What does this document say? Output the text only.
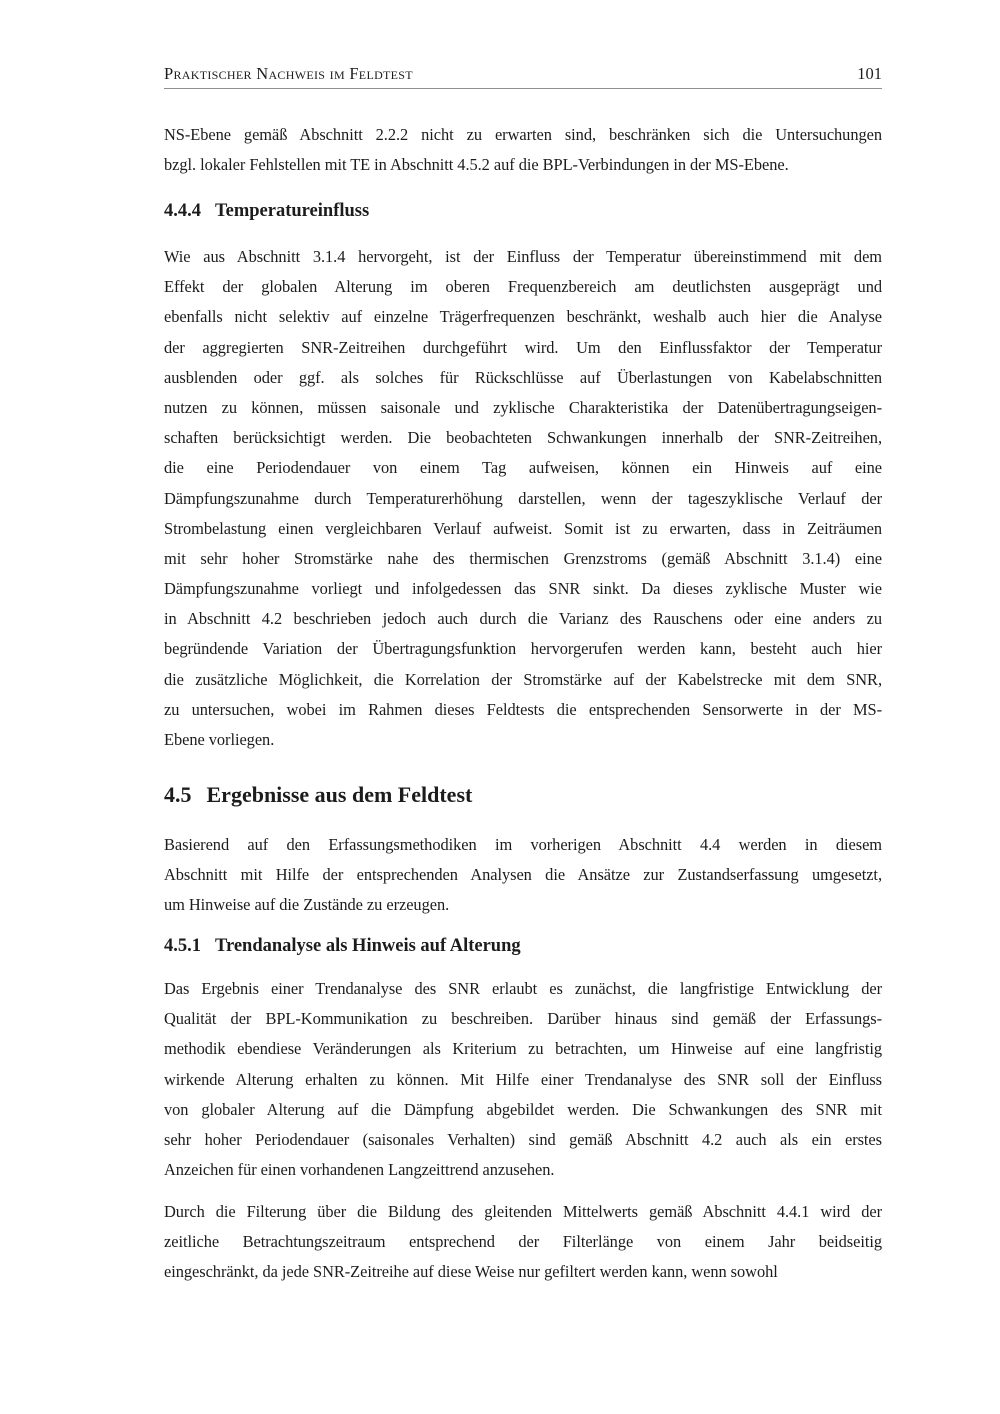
Praktischer Nachweis im Feldtest	101
NS-Ebene gemäß Abschnitt 2.2.2 nicht zu erwarten sind, beschränken sich die Untersuchungen
bzgl. lokaler Fehlstellen mit TE in Abschnitt 4.5.2 auf die BPL-Verbindungen in der MS-Ebene.
4.4.4 Temperatureinfluss
Wie aus Abschnitt 3.1.4 hervorgeht, ist der Einfluss der Temperatur übereinstimmend mit dem
Effekt der globalen Alterung im oberen Frequenzbereich am deutlichsten ausgeprägt und
ebenfalls nicht selektiv auf einzelne Trägerfrequenzen beschränkt, weshalb auch hier die Analyse
der aggregierten SNR-Zeitreihen durchgeführt wird. Um den Einflussfaktor der Temperatur
ausblenden oder ggf. als solches für Rückschlüsse auf Überlastungen von Kabelabschnitten
nutzen zu können, müssen saisonale und zyklische Charakteristika der Datenübertragungseigen-
schaften berücksichtigt werden. Die beobachteten Schwankungen innerhalb der SNR-Zeitreihen,
die eine Periodendauer von einem Tag aufweisen, können ein Hinweis auf eine
Dämpfungszunahme durch Temperaturerhöhung darstellen, wenn der tageszyklische Verlauf der
Strombelastung einen vergleichbaren Verlauf aufweist. Somit ist zu erwarten, dass in Zeiträumen
mit sehr hoher Stromstärke nahe des thermischen Grenzstroms (gemäß Abschnitt 3.1.4) eine
Dämpfungszunahme vorliegt und infolgedessen das SNR sinkt. Da dieses zyklische Muster wie
in Abschnitt 4.2 beschrieben jedoch auch durch die Varianz des Rauschens oder eine anders zu
begründende Variation der Übertragungsfunktion hervorgerufen werden kann, besteht auch hier
die zusätzliche Möglichkeit, die Korrelation der Stromstärke auf der Kabelstrecke mit dem SNR,
zu untersuchen, wobei im Rahmen dieses Feldtests die entsprechenden Sensorwerte in der MS-
Ebene vorliegen.
4.5 Ergebnisse aus dem Feldtest
Basierend auf den Erfassungsmethodiken im vorherigen Abschnitt 4.4 werden in diesem
Abschnitt mit Hilfe der entsprechenden Analysen die Ansätze zur Zustandserfassung umgesetzt,
um Hinweise auf die Zustände zu erzeugen.
4.5.1 Trendanalyse als Hinweis auf Alterung
Das Ergebnis einer Trendanalyse des SNR erlaubt es zunächst, die langfristige Entwicklung der
Qualität der BPL-Kommunikation zu beschreiben. Darüber hinaus sind gemäß der Erfassungs-
methodik ebendiese Veränderungen als Kriterium zu betrachten, um Hinweise auf eine langfristig
wirkende Alterung erhalten zu können. Mit Hilfe einer Trendanalyse des SNR soll der Einfluss
von globaler Alterung auf die Dämpfung abgebildet werden. Die Schwankungen des SNR mit
sehr hoher Periodendauer (saisonales Verhalten) sind gemäß Abschnitt 4.2 auch als ein erstes
Anzeichen für einen vorhandenen Langzeittrend anzusehen.
Durch die Filterung über die Bildung des gleitenden Mittelwerts gemäß Abschnitt 4.4.1 wird der
zeitliche Betrachtungszeitraum entsprechend der Filterlänge von einem Jahr beidseitig
eingeschränkt, da jede SNR-Zeitreihe auf diese Weise nur gefiltert werden kann, wenn sowohl
